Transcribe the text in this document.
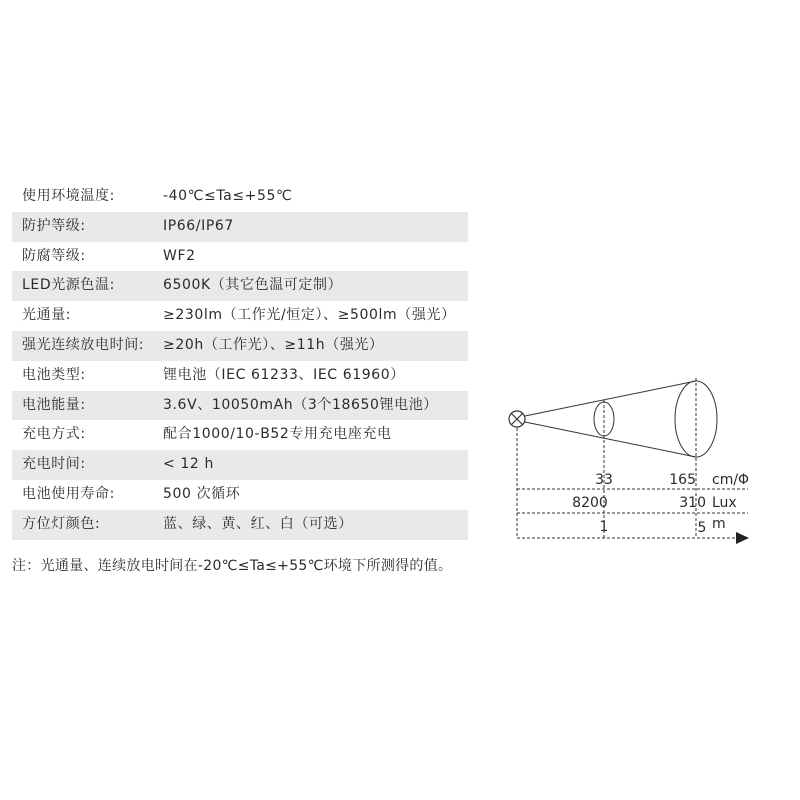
使用环境温度:	-40℃≤Ta≤+55℃
防护等级:	IP66/IP67
防腐等级:	WF2
LED光源色温:	6500K（其它色温可定制）
光通量:	≥230lm（工作光/恒定）、≥500lm（强光）
强光连续放电时间: ≥20h（工作光）、≥11h（强光）
电池类型:	锂电池（IEC 61233、IEC 61960）
电池能量:	3.6V、10050mAh（3个18650锂电池）
充电方式:	配合1000/10-B52专用充电座充电
充电时间:	< 12 h
电池使用寿命:	500 次循环
方位灯颜色:	蓝、绿、黄、红、白（可选）
33	165 cm/Φ
8200	310 Lux
1	5 m
注：光通量、连续放电时间在-20℃≤Ta≤+55℃环境下所测得的值。
